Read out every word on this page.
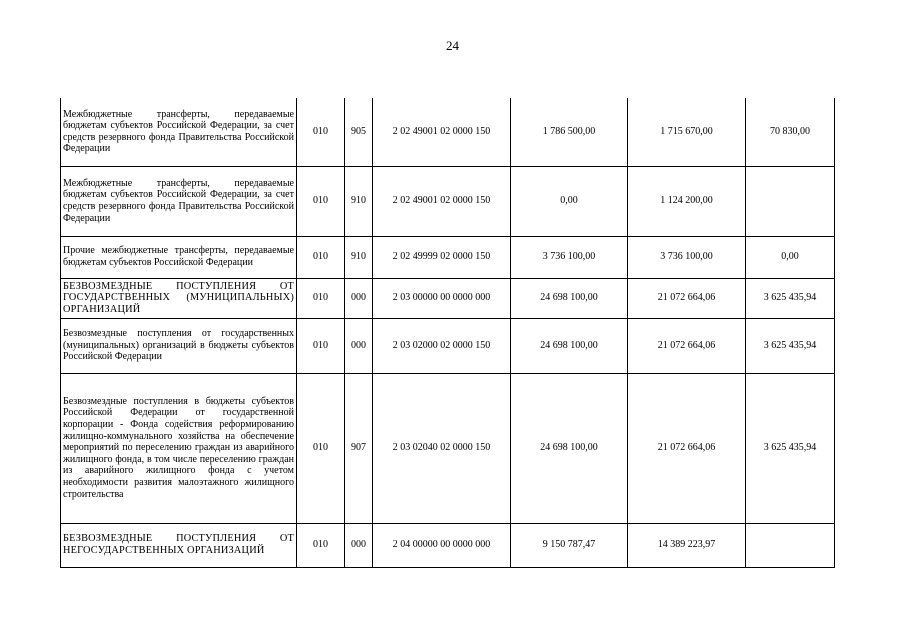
24
Межбюджетные трансферты, передаваемые бюджетам субъектов Российской Федерации, за счет средств резервного фонда Правительства Российской Федерации	010	905	2 02 49001 02 0000 150	1 786 500,00	1 715 670,00	70 830,00
Межбюджетные трансферты, передаваемые бюджетам субъектов Российской Федерации, за счет средств резервного фонда Правительства Российской Федерации	010	910	2 02 49001 02 0000 150	0,00	1 124 200,00	
Прочие межбюджетные трансферты, передаваемые бюджетам субъектов Российской Федерации	010	910	2 02 49999 02 0000 150	3 736 100,00	3 736 100,00	0,00
БЕЗВОЗМЕЗДНЫЕ ПОСТУПЛЕНИЯ ОТ ГОСУДАРСТВЕННЫХ (МУНИЦИПАЛЬНЫХ) ОРГАНИЗАЦИЙ	010	000	2 03 00000 00 0000 000	24 698 100,00	21 072 664,06	3 625 435,94
Безвозмездные поступления от государственных (муниципальных) организаций в бюджеты субъектов Российской Федерации	010	000	2 03 02000 02 0000 150	24 698 100,00	21 072 664,06	3 625 435,94
Безвозмездные поступления в бюджеты субъектов Российской Федерации от государственной корпорации - Фонда содействия реформированию жилищно-коммунального хозяйства на обеспечение мероприятий по переселению граждан из аварийного жилищного фонда, в том числе переселению граждан из аварийного жилищного фонда с учетом необходимости развития малоэтажного жилищного строительства	010	907	2 03 02040 02 0000 150	24 698 100,00	21 072 664,06	3 625 435,94
БЕЗВОЗМЕЗДНЫЕ ПОСТУПЛЕНИЯ ОТ НЕГОСУДАРСТВЕННЫХ ОРГАНИЗАЦИЙ	010	000	2 04 00000 00 0000 000	9 150 787,47	14 389 223,97	
